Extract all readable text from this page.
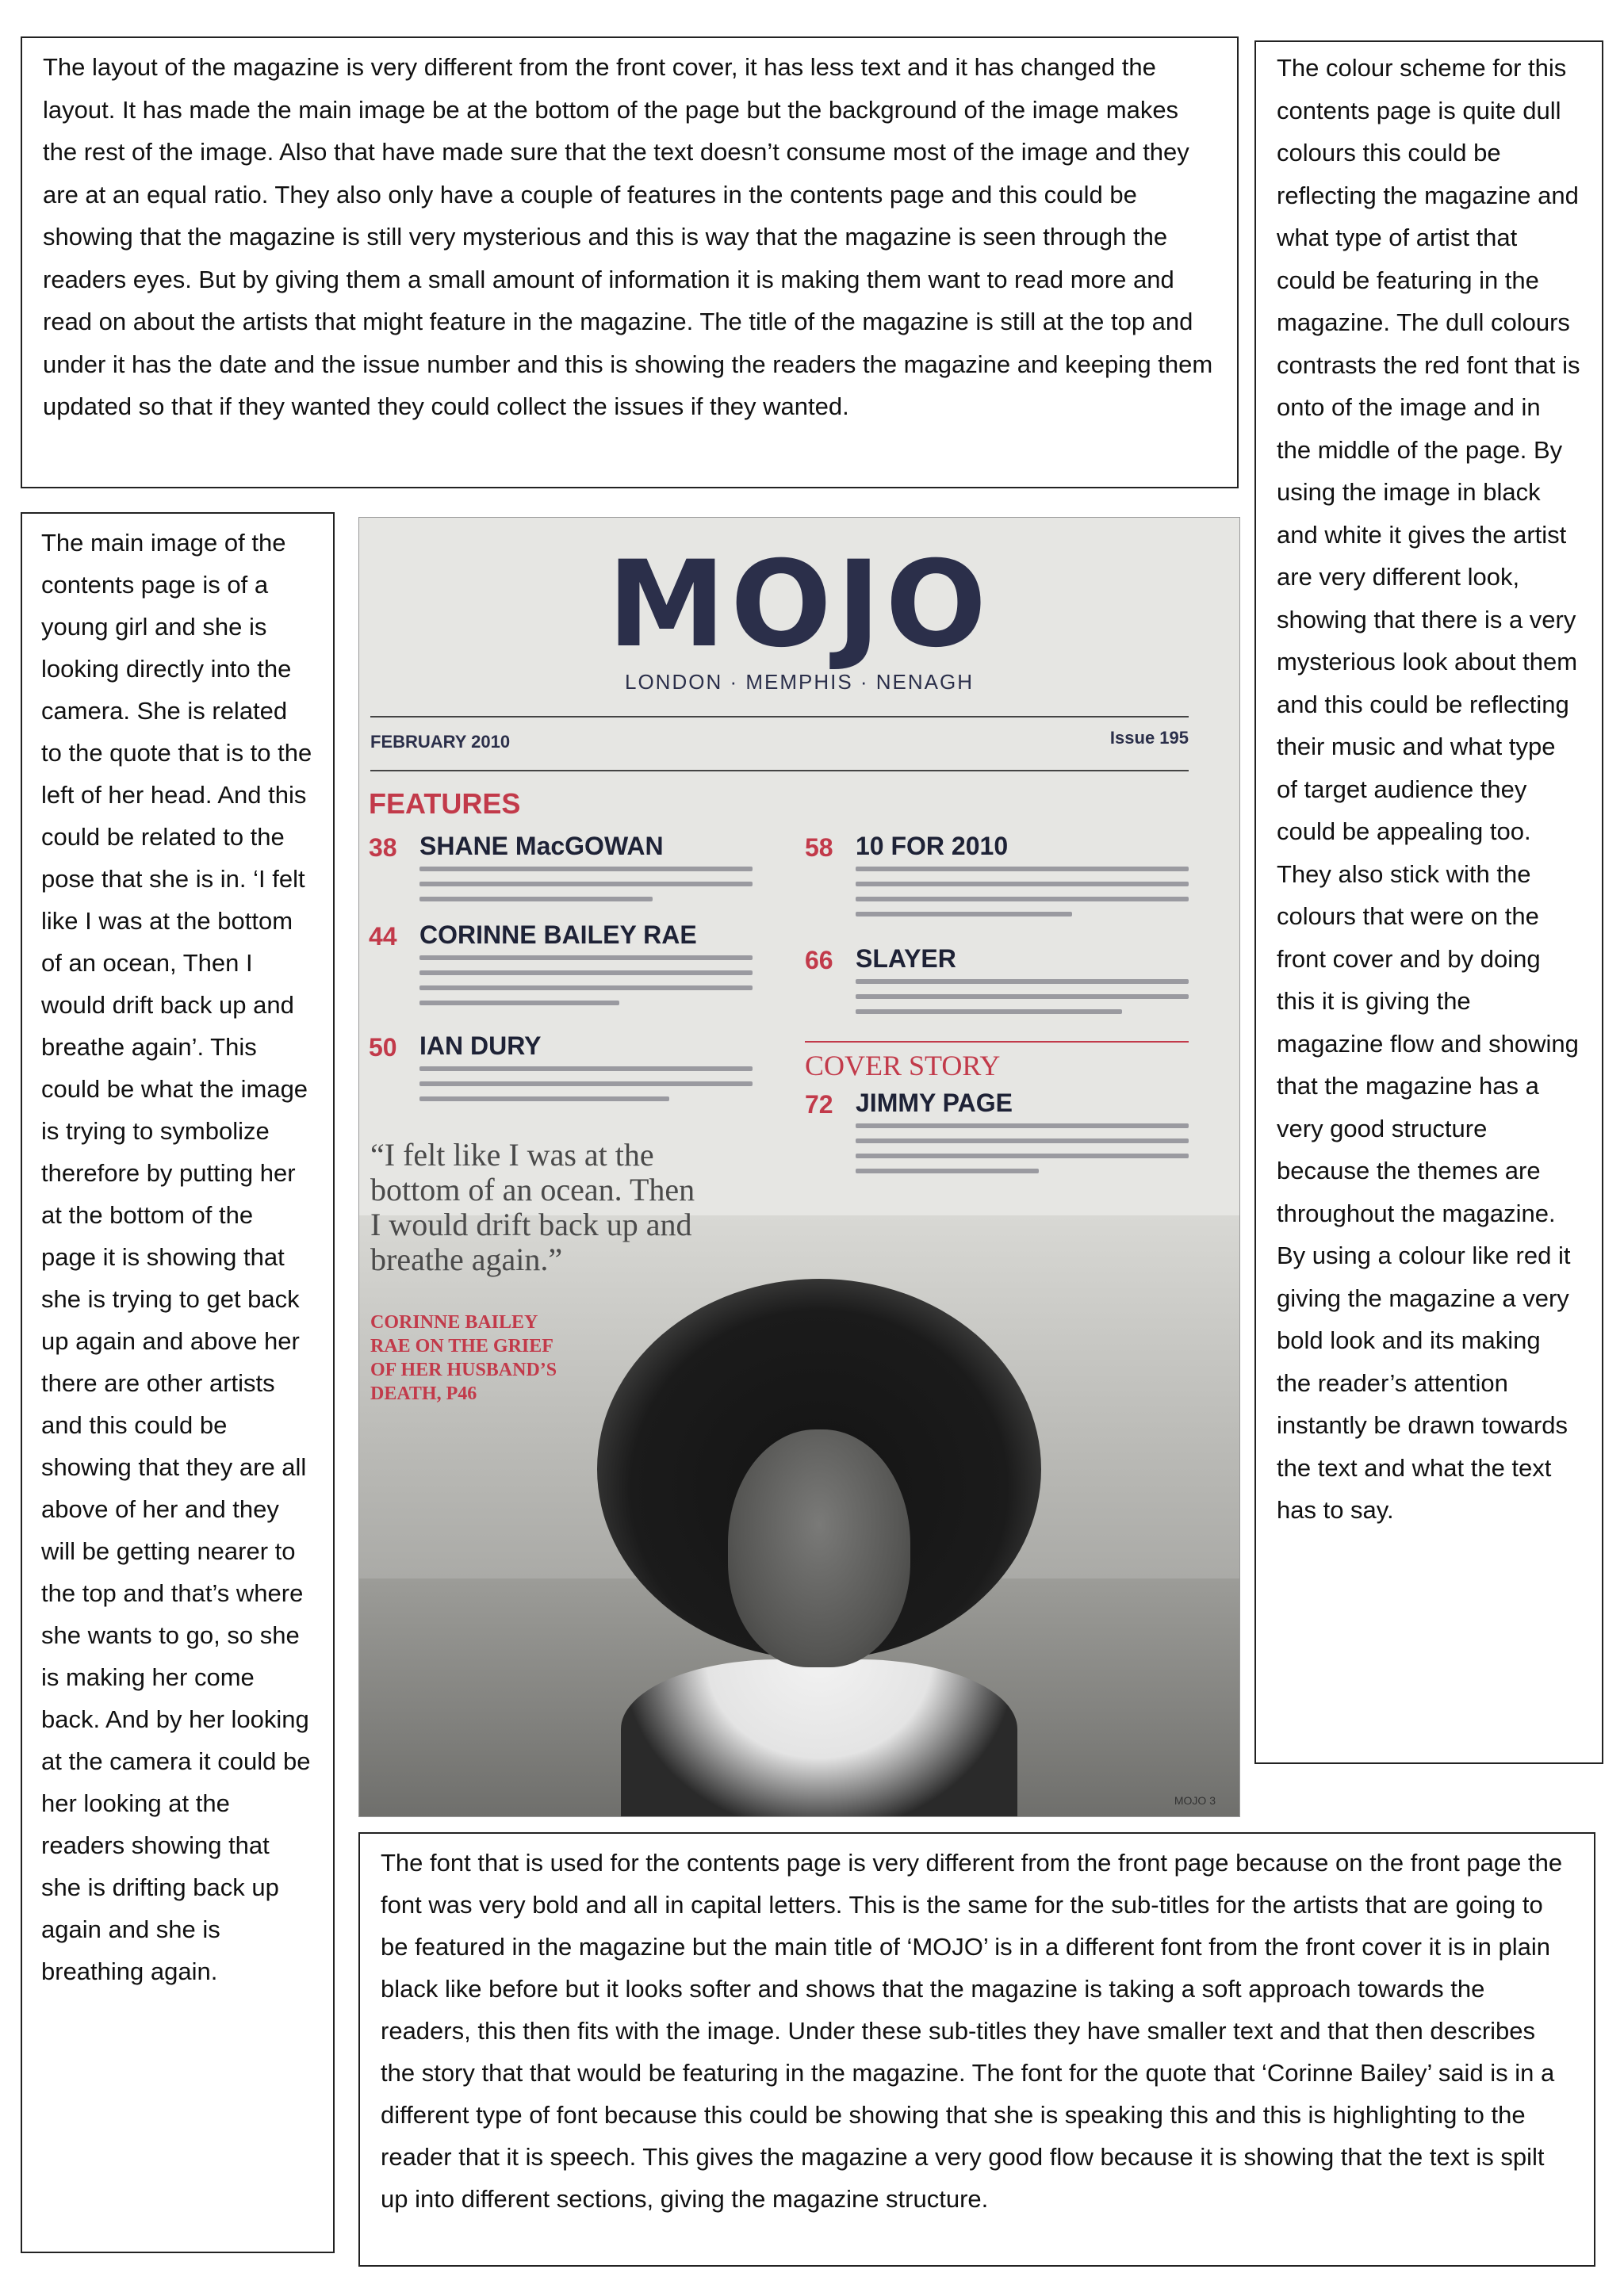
The layout of the magazine is very different from the front cover, it has less text and it has changed the layout. It has made the main image be at the bottom of the page but the background of the image makes the rest of the image. Also that have made sure that the text doesn’t consume most of the image and they are at an equal ratio. They also only have a couple of features in the contents page and this could be showing that the magazine is still very mysterious and this is way that the magazine is seen through the readers eyes. But by giving them a small amount of information it is making them want to read more and read on about the artists that might feature in the magazine. The title of the magazine is still at the top and under it has the date and the issue number and this is showing the readers the magazine and keeping them updated so that if they wanted they could collect the issues if they wanted.
The colour scheme for this contents page is quite dull colours this could be reflecting the magazine and what type of artist that could be featuring in the magazine. The dull colours contrasts the red font that is onto of the image and in the middle of the page. By using the image in black and white it gives the artist are very different look, showing that there is a very mysterious look about them and this could be reflecting their music and what type of target audience they could be appealing too. They also stick with the colours that were on the front cover and by doing this it is giving the magazine flow and showing that the magazine has a very good structure because the themes are throughout the magazine. By using a colour like red it giving the magazine a very bold look and its making the reader’s attention instantly be drawn towards the text and what the text has to say.
The main image of the contents page is of a young girl and she is looking directly into the camera. She is related to the quote that is to the left of her head. And this could be related to the pose that she is in. ‘I felt like I was at the bottom of an ocean, Then I would drift back up and breathe again’. This could be what the image is trying to symbolize therefore by putting her at the bottom of the page it is showing that she is trying to get back up again and above her there are other artists and this could be showing that they are all above of her and they will be getting nearer to the top and that’s where she wants to go, so she is making her come back. And by her looking at the camera it could be her looking at the readers showing that she is drifting back up again and she is breathing again.
MOJO
LONDON · MEMPHIS · NENAGH
FEBRUARY 2010	Issue 195
FEATURES
38 SHANE MacGOWAN
44 CORINNE BAILEY RAE
50 IAN DURY
58 10 FOR 2010
66 SLAYER
COVER STORY
72 JIMMY PAGE
“I felt like I was at the bottom of an ocean. Then I would drift back up and breathe again.”
CORINNE BAILEY RAE ON THE GRIEF OF HER HUSBAND’S DEATH, P46
MOJO 3
The font that is used for the contents page is very different from the front page because on the front page the font was very bold and all in capital letters. This is the same for the sub-titles for the artists that are going to be featured in the magazine but the main title of ‘MOJO’ is in a different font from the front cover it is in plain black like before but it looks softer and shows that the magazine is taking a soft approach towards the readers, this then fits with the image. Under these sub-titles they have smaller text and that then describes the story that that would be featuring in the magazine. The font for the quote that ‘Corinne Bailey’ said is in a different type of font because this could be showing that she is speaking this and this is highlighting to the reader that it is speech. This gives the magazine a very good flow because it is showing that the text is spilt up into different sections, giving the magazine structure.
